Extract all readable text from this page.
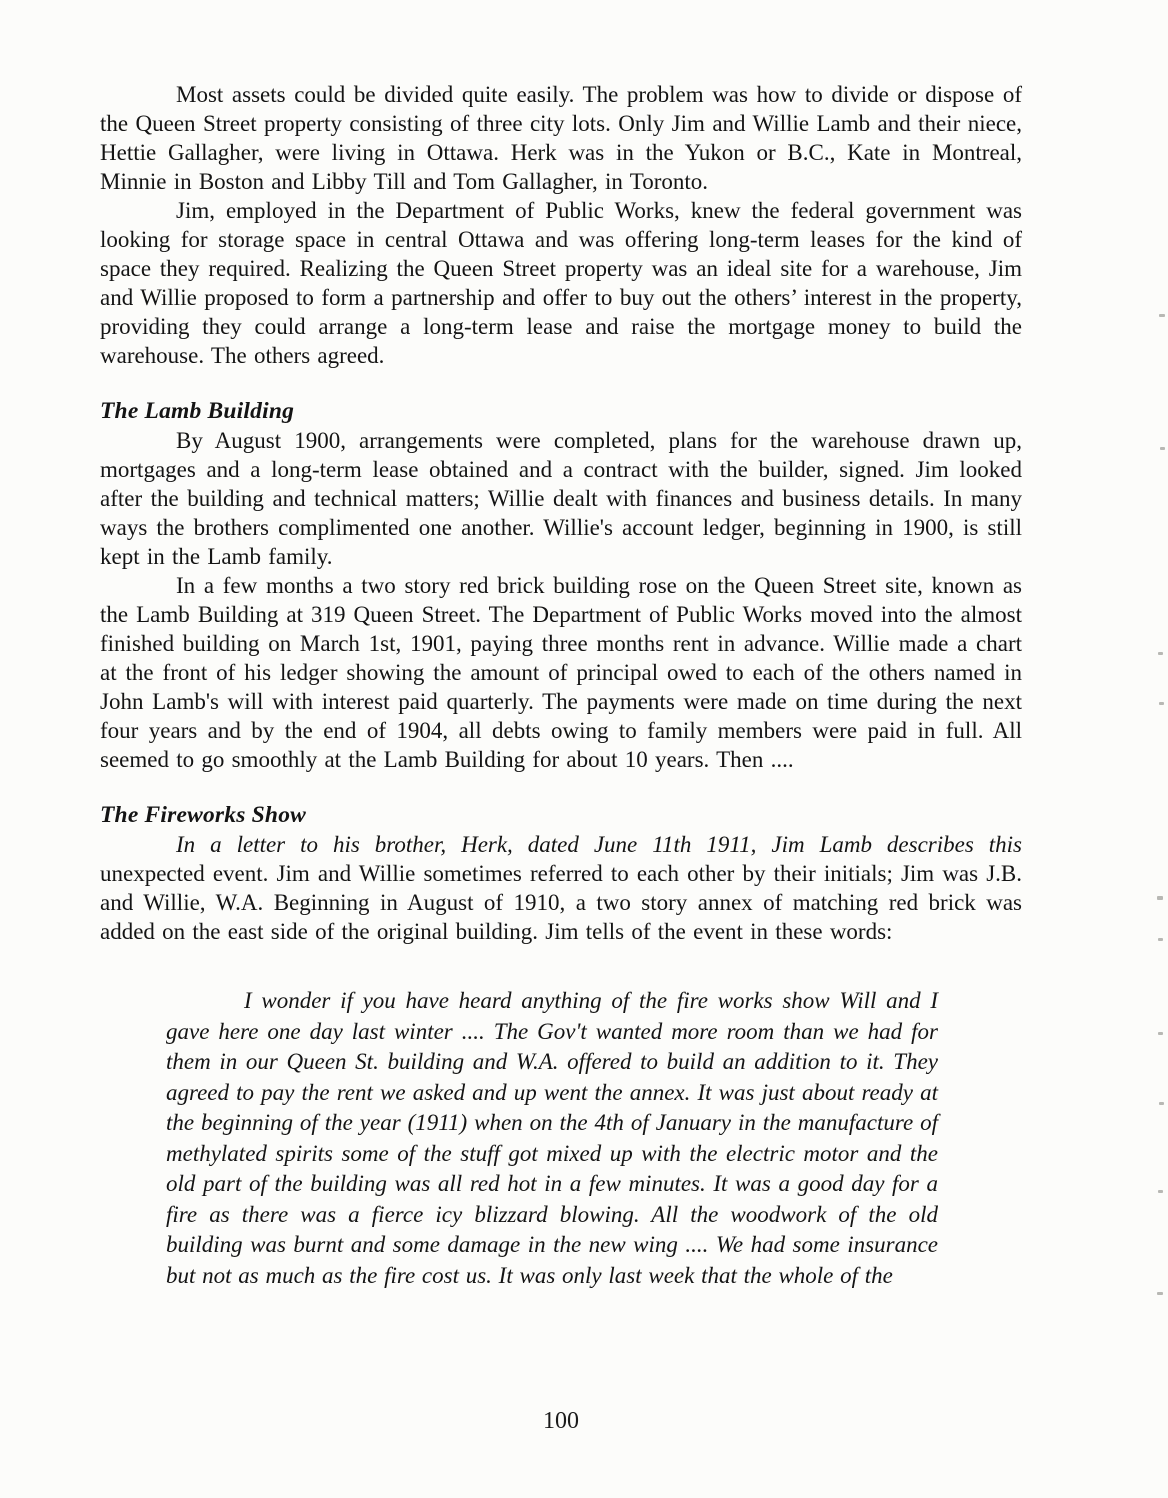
Most assets could be divided quite easily. The problem was how to divide or dispose of the Queen Street property consisting of three city lots. Only Jim and Willie Lamb and their niece, Hettie Gallagher, were living in Ottawa. Herk was in the Yukon or B.C., Kate in Montreal, Minnie in Boston and Libby Till and Tom Gallagher, in Toronto.

Jim, employed in the Department of Public Works, knew the federal government was looking for storage space in central Ottawa and was offering long-term leases for the kind of space they required. Realizing the Queen Street property was an ideal site for a warehouse, Jim and Willie proposed to form a partnership and offer to buy out the others’ interest in the property, providing they could arrange a long-term lease and raise the mortgage money to build the warehouse. The others agreed.

The Lamb Building

By August 1900, arrangements were completed, plans for the warehouse drawn up, mortgages and a long-term lease obtained and a contract with the builder, signed. Jim looked after the building and technical matters; Willie dealt with finances and business details. In many ways the brothers complimented one another. Willie's account ledger, beginning in 1900, is still kept in the Lamb family.

In a few months a two story red brick building rose on the Queen Street site, known as the Lamb Building at 319 Queen Street. The Department of Public Works moved into the almost finished building on March 1st, 1901, paying three months rent in advance. Willie made a chart at the front of his ledger showing the amount of principal owed to each of the others named in John Lamb's will with interest paid quarterly. The payments were made on time during the next four years and by the end of 1904, all debts owing to family members were paid in full. All seemed to go smoothly at the Lamb Building for about 10 years. Then ....

The Fireworks Show

In a letter to his brother, Herk, dated June 11th 1911, Jim Lamb describes this unexpected event. Jim and Willie sometimes referred to each other by their initials; Jim was J.B. and Willie, W.A. Beginning in August of 1910, a two story annex of matching red brick was added on the east side of the original building. Jim tells of the event in these words:

I wonder if you have heard anything of the fire works show Will and I gave here one day last winter .... The Gov't wanted more room than we had for them in our Queen St. building and W.A. offered to build an addition to it. They agreed to pay the rent we asked and up went the annex. It was just about ready at the beginning of the year (1911) when on the 4th of January in the manufacture of methylated spirits some of the stuff got mixed up with the electric motor and the old part of the building was all red hot in a few minutes. It was a good day for a fire as there was a fierce icy blizzard blowing. All the woodwork of the old building was burnt and some damage in the new wing .... We had some insurance but not as much as the fire cost us. It was only last week that the whole of the

100
